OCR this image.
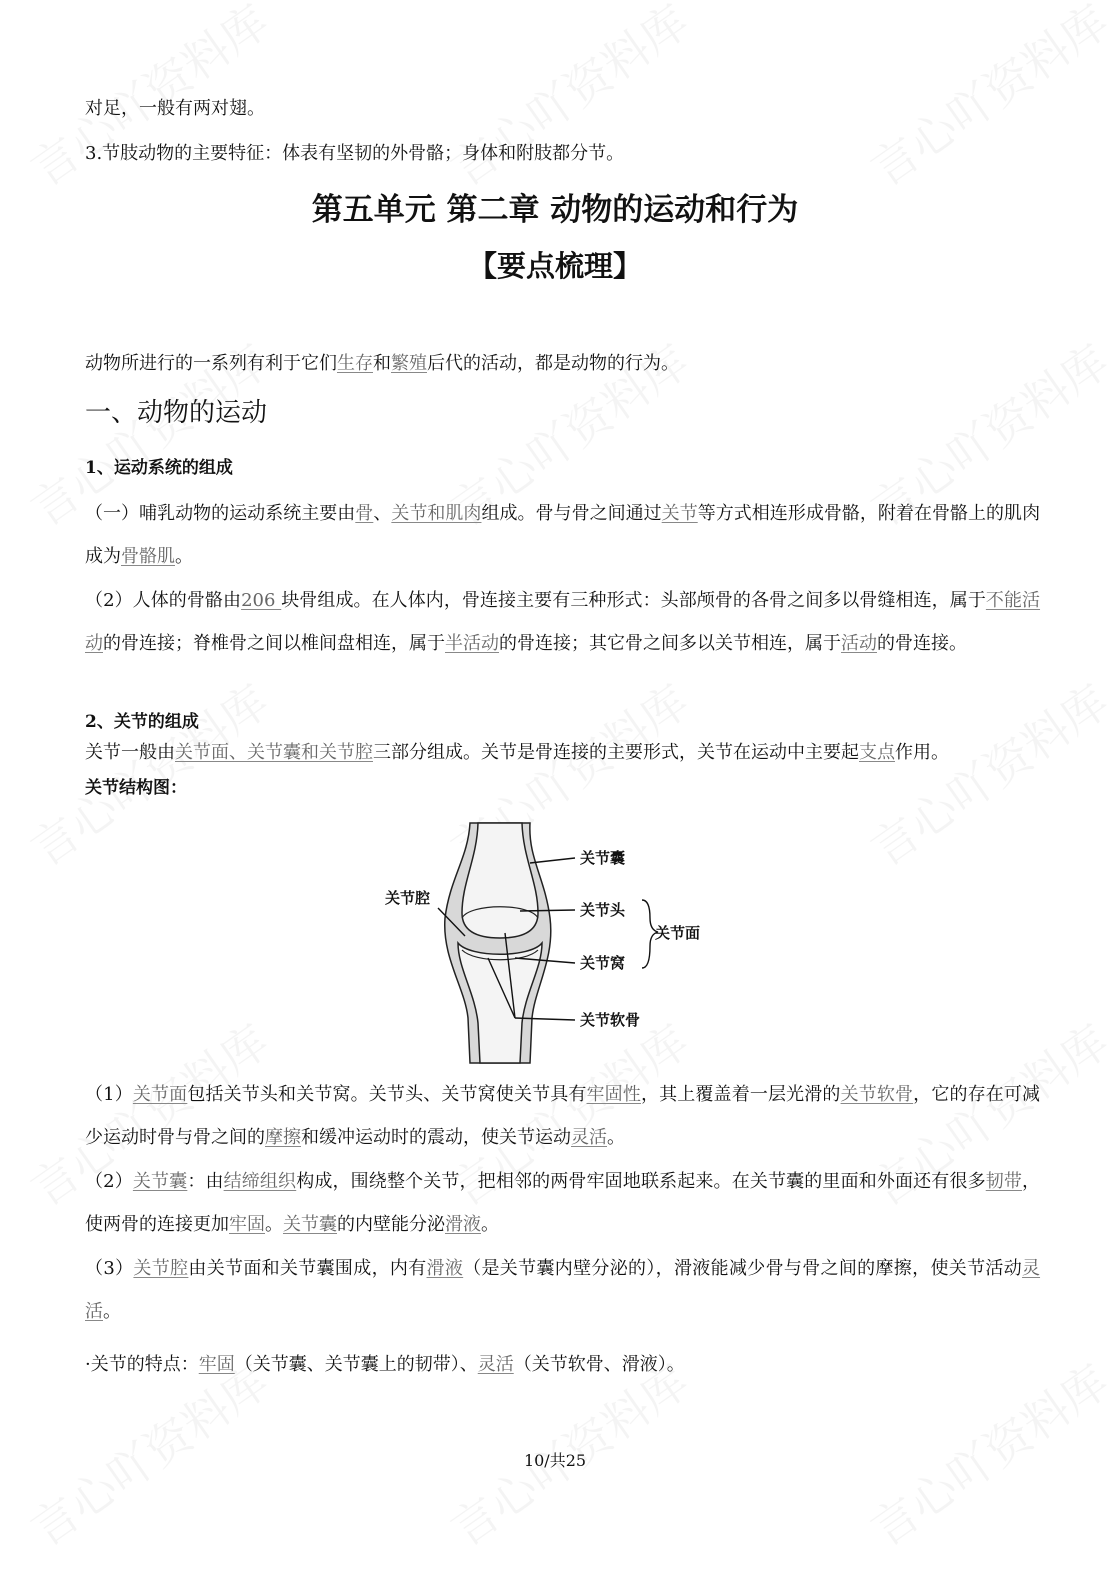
对足，一般有两对翅。
3.节肢动物的主要特征：体表有坚韧的外骨骼；身体和附肢都分节。
第五单元 第二章 动物的运动和行为
【要点梳理】
动物所进行的一系列有利于它们生存和繁殖后代的活动，都是动物的行为。
一、动物的运动
1、运动系统的组成
（一）哺乳动物的运动系统主要由骨、关节和肌肉组成。骨与骨之间通过关节等方式相连形成骨骼，附着在骨骼上的肌肉成为骨骼肌。
（2）人体的骨骼由206 块骨组成。在人体内，骨连接主要有三种形式：头部颅骨的各骨之间多以骨缝相连，属于不能活动的骨连接；脊椎骨之间以椎间盘相连，属于半活动的骨连接；其它骨之间多以关节相连，属于活动的骨连接。
2、关节的组成
关节一般由关节面、关节囊和关节腔三部分组成。关节是骨连接的主要形式，关节在运动中主要起支点作用。
关节结构图：
关节囊
关节腔
关节头
关节窝
关节面
关节软骨
（1）关节面包括关节头和关节窝。关节头、关节窝使关节具有牢固性，其上覆盖着一层光滑的关节软骨，它的存在可减少运动时骨与骨之间的摩擦和缓冲运动时的震动，使关节运动灵活。
（2）关节囊：由结缔组织构成，围绕整个关节，把相邻的两骨牢固地联系起来。在关节囊的里面和外面还有很多韧带，使两骨的连接更加牢固。关节囊的内壁能分泌滑液。
（3）关节腔由关节面和关节囊围成，内有滑液（是关节囊内壁分泌的），滑液能减少骨与骨之间的摩擦，使关节活动灵活。
·关节的特点：牢固（关节囊、关节囊上的韧带）、灵活（关节软骨、滑液）。
10/共25
